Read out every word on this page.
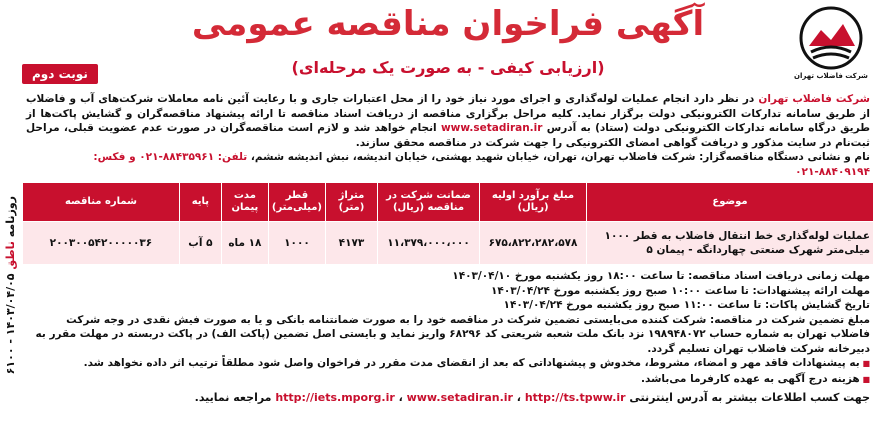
روزنامه ناطق ۱۴۰۳/۰۴/۰۵ - ۶۱۰۰
شرکت فاضلاب تهران
آگهی فراخوان مناقصه عمومی
(ارزیابی کیفی - به صورت یک مرحله‌ای)
نوبت دوم
شرکت فاضلاب تهران در نظر دارد انجام عملیات لوله‌گذاری و اجرای مورد نیاز خود را از محل اعتبارات جاری و با رعایت آئین نامه معاملات شرکت‌های آب و فاضلاب از طریق سامانه تدارکات الکترونیکی دولت برگزار نماید. کلیه مراحل برگزاری مناقصه از دریافت اسناد مناقصه تا ارائه پیشنهاد مناقصه‌گران و گشایش پاکت‌ها از طریق درگاه سامانه تدارکات الکترونیکی دولت (ستاد) به آدرس www.setadiran.ir انجام خواهد شد و لازم است مناقصه‌گران در صورت عدم عضویت قبلی، مراحل ثبت‌نام در سایت مذکور و دریافت گواهی امضای الکترونیکی را جهت شرکت در مناقصه محقق سازند.
نام و نشانی دستگاه مناقصه‌گزار: شرکت فاضلاب تهران، تهران، خیابان شهید بهشتی، خیابان اندیشه، نبش اندیشه ششم، تلفن: ۸۸۴۳۵۹۶۱-۰۲۱ و فکس: ۸۸۴۰۹۱۹۴-۰۲۱
موضوع	مبلغ برآورد اولیه (ریال)	ضمانت شرکت در مناقصه (ریال)	متراژ (متر)	قطر (میلی‌متر)	مدت پیمان	پایه	شماره مناقصه
عملیات لوله‌گذاری خط انتقال فاضلاب به قطر ۱۰۰۰ میلی‌متر شهرک صنعتی چهاردانگه - پیمان ۵	۶۷۵،۸۲۲،۲۸۲،۵۷۸	۱۱،۳۷۹،۰۰۰،۰۰۰	۴۱۷۳	۱۰۰۰	۱۸ ماه	۵ آب	۲۰۰۳۰۰۵۴۲۰۰۰۰۰۳۶

مهلت زمانی دریافت اسناد مناقصه: تا ساعت ۱۸:۰۰ روز یکشنبه مورخ ۱۴۰۳/۰۴/۱۰

مهلت ارائه پیشنهادات: تا ساعت ۱۰:۰۰ صبح روز یکشنبه مورخ ۱۴۰۳/۰۴/۲۴

تاریخ گشایش پاکات: تا ساعت ۱۱:۰۰ صبح روز یکشنبه مورخ ۱۴۰۳/۰۴/۲۴

مبلغ تضمین شرکت در مناقصه: شرکت کننده می‌بایستی تضمین شرکت در مناقصه خود را به صورت ضمانتنامه بانکی و یا به صورت فیش نقدی در وجه شرکت فاضلاب تهران به شماره حساب ۱۹۸۹۴۸۰۷۲ نزد بانک ملت شعبه شریعتی کد ۶۸۲۹۶ واریز نماید و بایستی اصل تضمین (پاکت الف) در پاکت دربسته در مهلت مقرر به دبیرخانه شرکت فاضلاب تهران تسلیم گردد.

■ به پیشنهادات فاقد مهر و امضاء، مشروط، مخدوش و پیشنهاداتی که بعد از انقضای مدت مقرر در فراخوان واصل شود مطلقاً ترتیب اثر داده نخواهد شد.

■ هزینه درج آگهی به عهده کارفرما می‌باشد.

جهت کسب اطلاعات بیشتر به آدرس اینترنتی http://iets.mporg.ir ، www.setadiran.ir ، http://ts.tpww.ir مراجعه نمایید.
